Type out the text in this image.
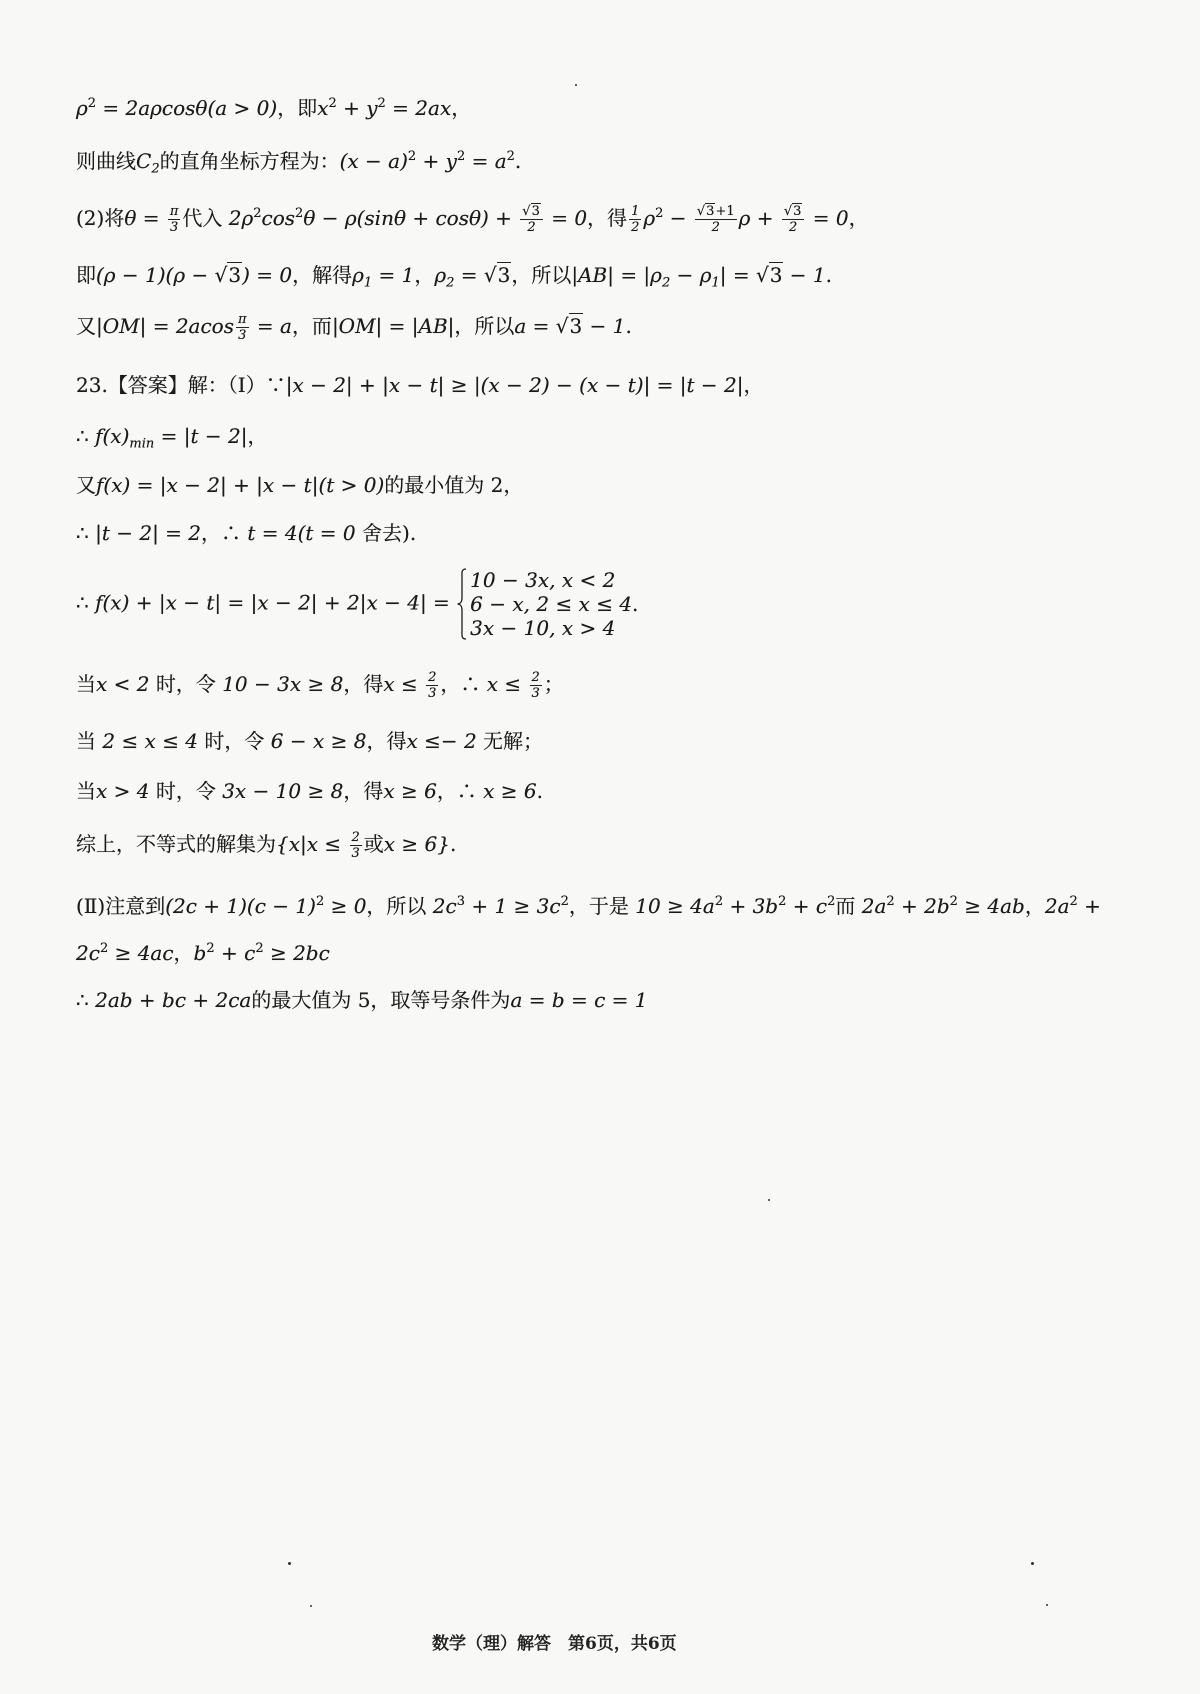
$\rho^2 = 2a\rho\cos\theta(a > 0)$，即$x^2 + y^2 = 2ax$，
则曲线$C_2$的直角坐标方程为：$(x - a)^2 + y^2 = a^2$.
(2)将$\theta = \frac{\pi}{3}$ 代入 $2\rho^2\cos^2\theta - \rho(\sin\theta + \cos\theta)$ + √ $\frac{3}{2} = 0$，得 $\frac{1}{2} \rho^2$ − √ $\frac{3+1}{2}$ ρ + √ $\frac{3}{2} = 0$，
即(ρ − 1)(ρ − √ 3) = 0，解得$\rho_1 = 1$，$\rho_2$ = √ 3，所以$|AB| = |\rho_2 - \rho_1|$ = √ 3 − 1.
又$|OM| = 2acos \frac{\pi}{3} = a$，而|OM| = |AB|，所以a = √ 3 − 1.
23.【答案】解：（Ⅰ）∵|x − 2| + |x − t| ≥ |(x − 2) − (x − t)| = |t − 2|，
∴ $f(x)_{min} = |t - 2|$，
又f(x) = |x − 2| + |x − t|(t > 0)的最小值为 2，
∴ |t − 2| = 2，∴ t = 4(t = 0 舍去).
∴ f(x) + |x − t| = |x − 2| + 2|x − 4| =
10 − 3x, x < 2
6 − x, 2 ≤ x ≤ 4.
3x − 10, x > 4
当x < 2 时，令 10 − 3x ≥ 8，得$x \le \frac{2}{3}$ ，∴ $x \le \frac{2}{3}$ ；
当 2 ≤ x ≤ 4 时，令 6 − x ≥ 8，得x ≤− 2 无解；
当x > 4 时，令 3x − 10 ≥ 8，得x ≥ 6，∴ x ≥ 6.
综上，不等式的解集为{$x|x \le \frac{2}{3}$ 或x ≥ 6}.
(Ⅱ)注意到$(2c + 1)(c - 1)^2 \ge 0$，所以 $2c^3 + 1 \ge 3c^2$，于是 $10 \ge 4a^2 + 3b^2 + c^2$而 $2a^2 + 2b^2 \ge 4ab$，$2a^2$ +
$2c^2 \ge 4ac$，$b^2 + c^2 \ge 2bc$
∴ 2ab + bc + 2ca的最大值为 5，取等号条件为a = b = c = 1
数学（理）解答　第6页，共6页
